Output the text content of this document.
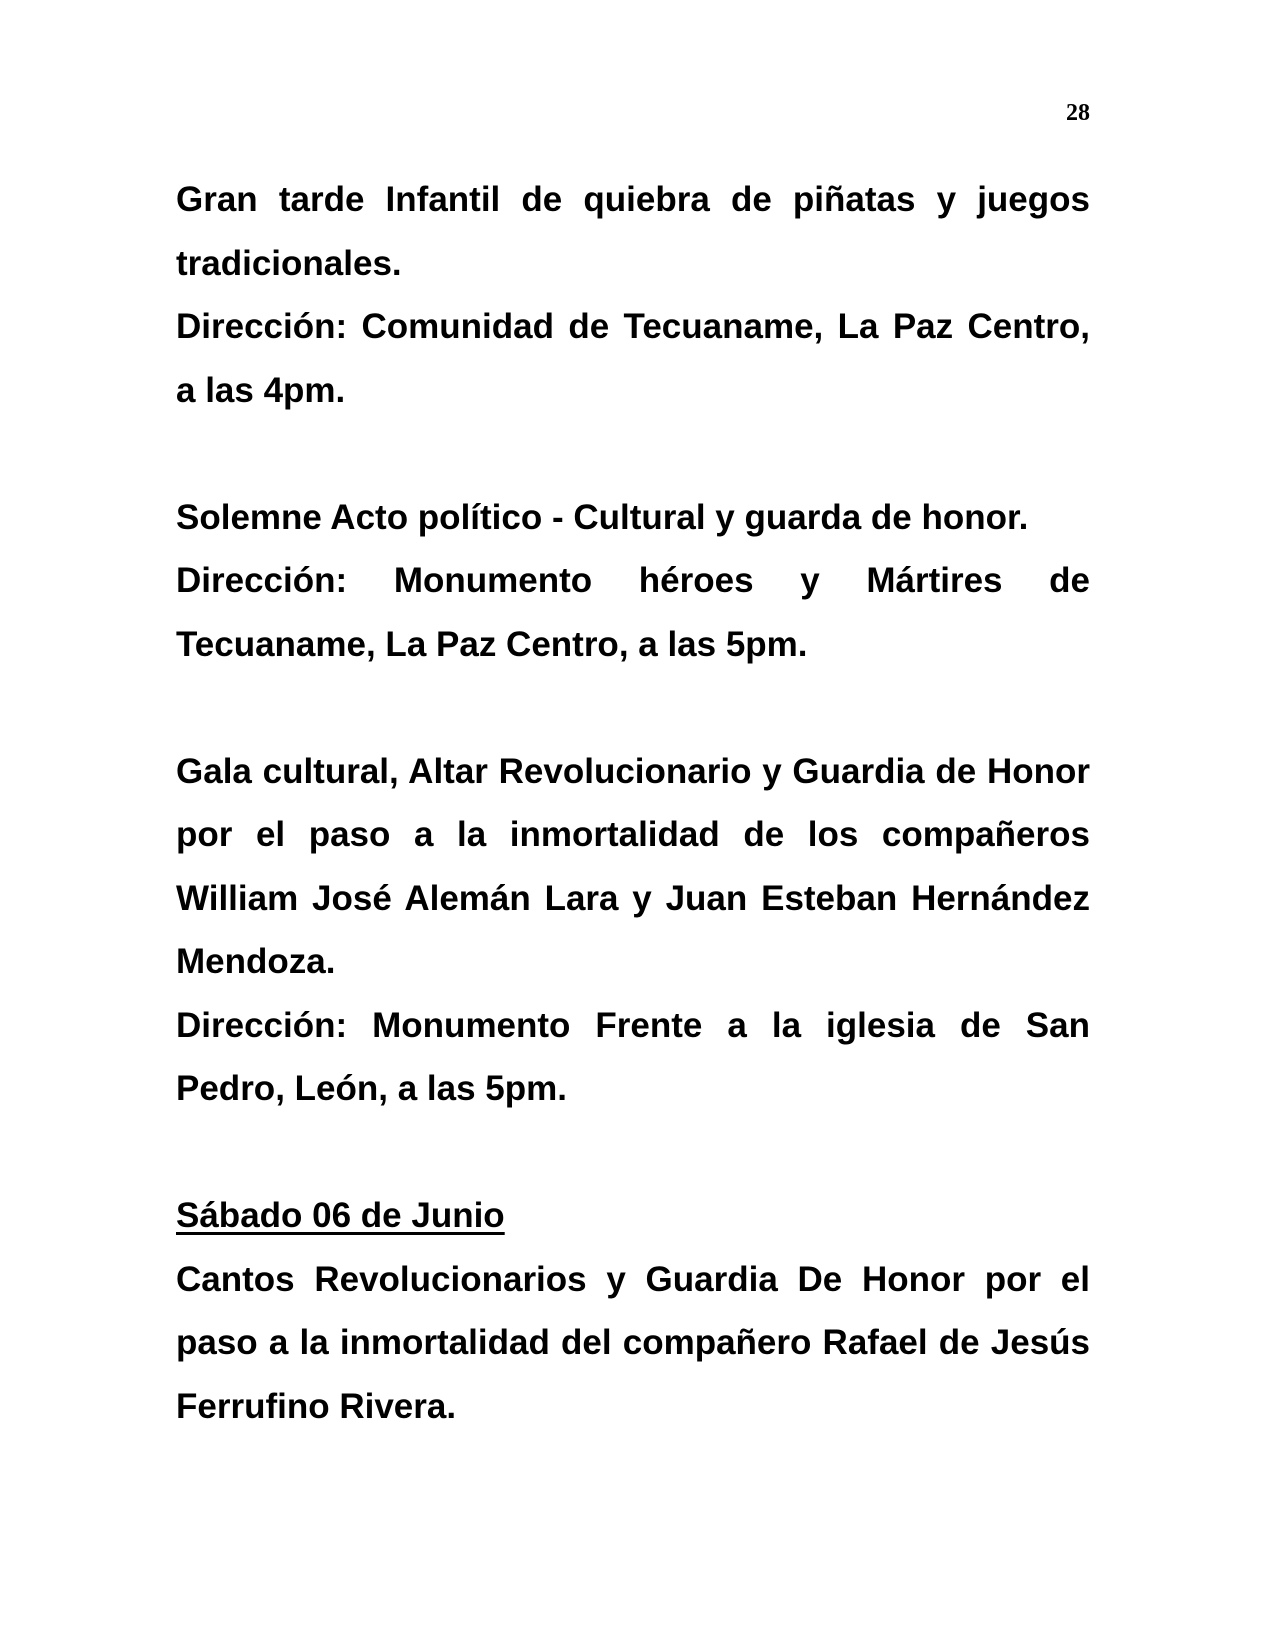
28

Gran tarde Infantil de quiebra de piñatas y juegos tradicionales.

Dirección: Comunidad de Tecuaname, La Paz Centro, a las 4pm.

Solemne Acto político - Cultural y guarda de honor.

Dirección: Monumento héroes y Mártires de Tecuaname, La Paz Centro, a las 5pm.

Gala cultural, Altar Revolucionario y Guardia de Honor por el paso a la inmortalidad de los compañeros William José Alemán Lara y Juan Esteban Hernández Mendoza.

Dirección: Monumento Frente a la iglesia de San Pedro, León, a las 5pm.

Sábado 06 de Junio

Cantos Revolucionarios y Guardia De Honor por el paso a la inmortalidad del compañero Rafael de Jesús Ferrufino Rivera.
